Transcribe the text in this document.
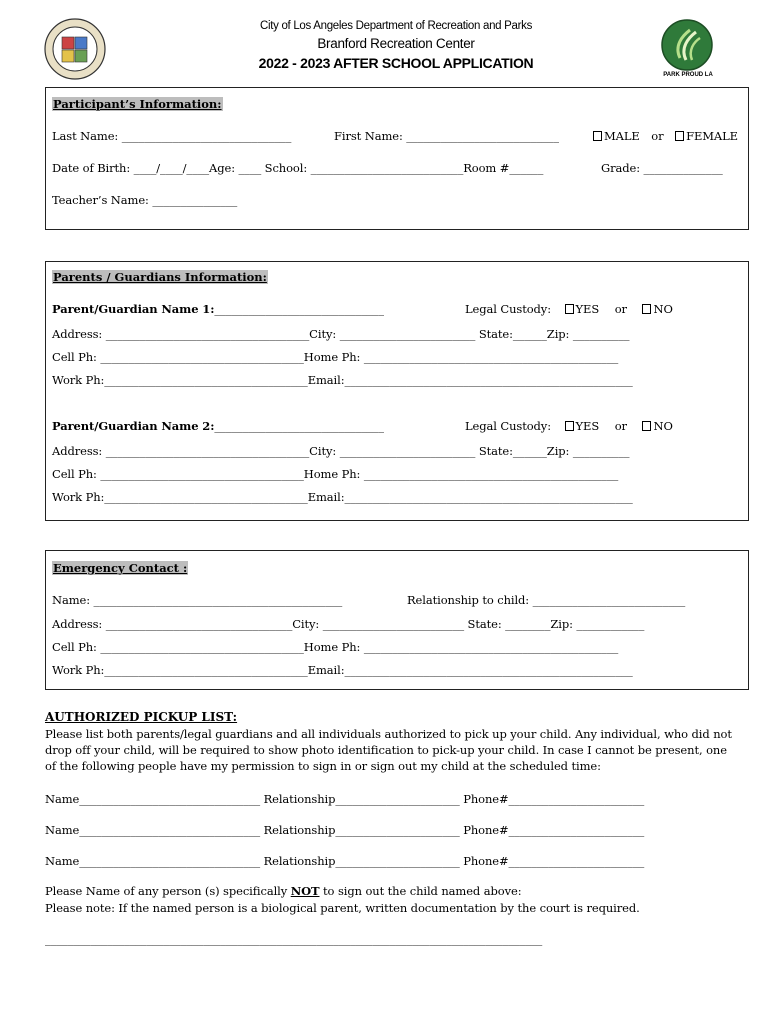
City of Los Angeles Department of Recreation and Parks
Branford Recreation Center
2022 - 2023 AFTER SCHOOL APPLICATION
PARK PROUD LA
Participant’s Information:
Last Name: ______________________________	First Name: ___________________________	MALE or FEMALE
Date of Birth: ____/____/____Age: ____ School: ___________________________Room #______	Grade: ______________
Teacher’s Name: _______________
Parents / Guardians Information:
Parent/Guardian Name 1:______________________________	Legal Custody: YES or NO
Address: ____________________________________City: ________________________ State:______Zip: __________
Cell Ph: ____________________________________Home Ph: _____________________________________________
Work Ph:____________________________________Email:___________________________________________________
Parent/Guardian Name 2:______________________________	Legal Custody: YES or NO
Address: ____________________________________City: ________________________ State:______Zip: __________
Cell Ph: ____________________________________Home Ph: _____________________________________________
Work Ph:____________________________________Email:___________________________________________________
Emergency Contact :
Name: ____________________________________________	Relationship to child: ___________________________
Address: _________________________________City: _________________________ State: ________Zip: ____________
Cell Ph: ____________________________________Home Ph: _____________________________________________
Work Ph:____________________________________Email:___________________________________________________
AUTHORIZED PICKUP LIST:
Please list both parents/legal guardians and all individuals authorized to pick up your child. Any individual, who did not
drop off your child, will be required to show photo identification to pick-up your child. In case I cannot be present, one
of the following people have my permission to sign in or sign out my child at the scheduled time:
Name________________________________ Relationship______________________ Phone#________________________
Name________________________________ Relationship______________________ Phone#________________________
Name________________________________ Relationship______________________ Phone#________________________
Please Name of any person (s) specifically NOT to sign out the child named above:
Please note: If the named person is a biological parent, written documentation by the court is required.
________________________________________________________________________________________
